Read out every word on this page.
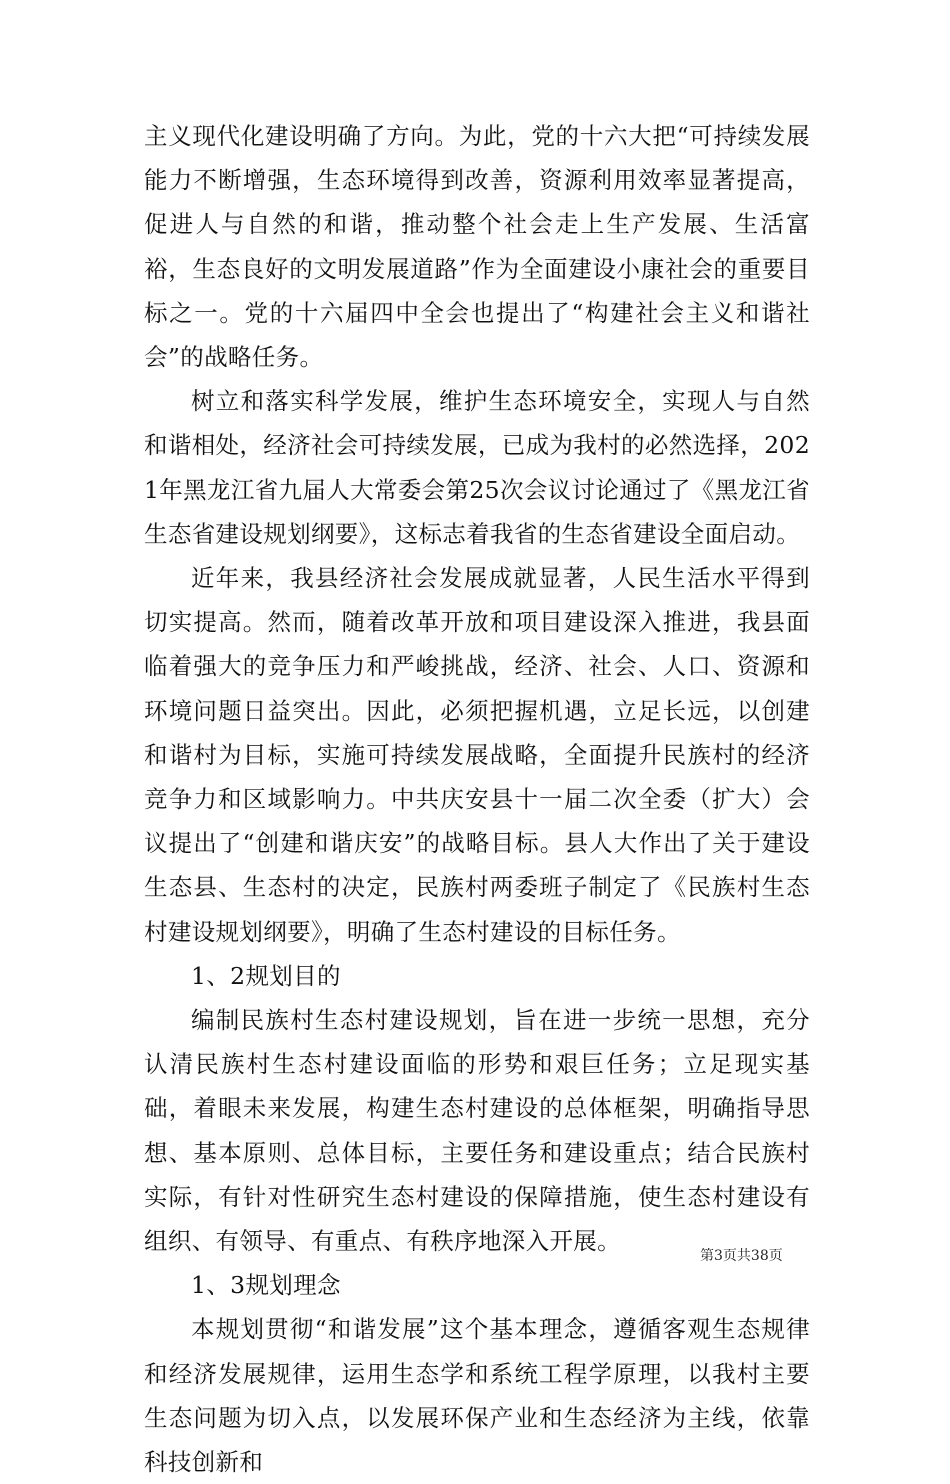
主义现代化建设明确了方向。为此，党的十六大把“可持续发展能力不断增强，生态环境得到改善，资源利用效率显著提高，促进人与自然的和谐，推动整个社会走上生产发展、生活富裕，生态良好的文明发展道路”作为全面建设小康社会的重要目标之一。党的十六届四中全会也提出了“构建社会主义和谐社会”的战略任务。

树立和落实科学发展，维护生态环境安全，实现人与自然和谐相处，经济社会可持续发展，已成为我村的必然选择，2021年黑龙江省九届人大常委会第25次会议讨论通过了《黑龙江省生态省建设规划纲要》，这标志着我省的生态省建设全面启动。

近年来，我县经济社会发展成就显著，人民生活水平得到切实提高。然而，随着改革开放和项目建设深入推进，我县面临着强大的竞争压力和严峻挑战，经济、社会、人口、资源和环境问题日益突出。因此，必须把握机遇，立足长远，以创建和谐村为目标，实施可持续发展战略，全面提升民族村的经济竞争力和区域影响力。中共庆安县十一届二次全委（扩大）会议提出了“创建和谐庆安”的战略目标。县人大作出了关于建设生态县、生态村的决定，民族村两委班子制定了《民族村生态村建设规划纲要》，明确了生态村建设的目标任务。

1、2规划目的

编制民族村生态村建设规划，旨在进一步统一思想，充分认清民族村生态村建设面临的形势和艰巨任务；立足现实基础，着眼未来发展，构建生态村建设的总体框架，明确指导思想、基本原则、总体目标，主要任务和建设重点；结合民族村实际，有针对性研究生态村建设的保障措施，使生态村建设有组织、有领导、有重点、有秩序地深入开展。

1、3规划理念

本规划贯彻“和谐发展”这个基本理念，遵循客观生态规律和经济发展规律，运用生态学和系统工程学原理，以我村主要生态问题为切入点，以发展环保产业和生态经济为主线，依靠科技创新和

第3页共38页
